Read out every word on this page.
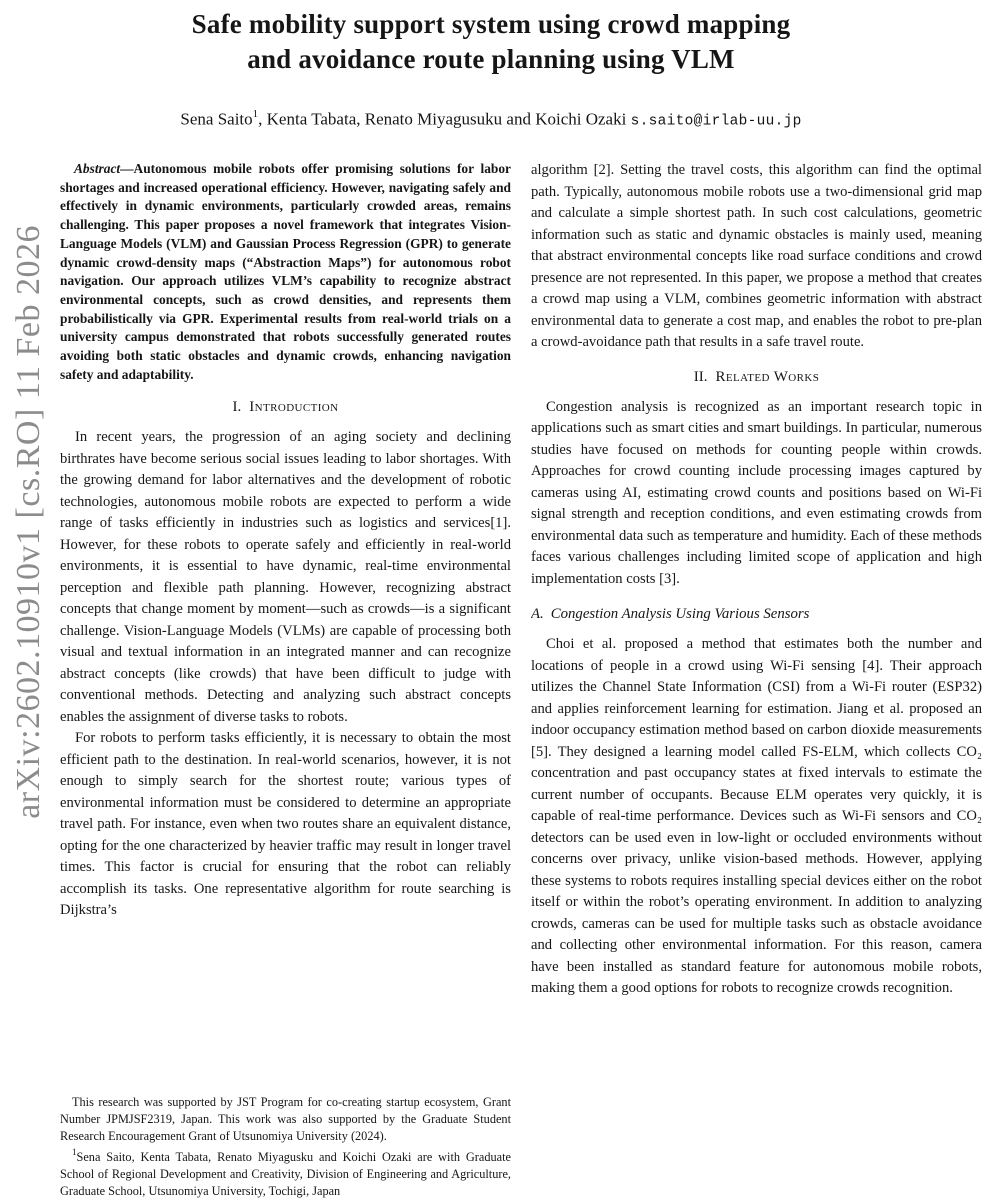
arXiv:2602.10910v1 [cs.RO] 11 Feb 2026
Safe mobility support system using crowd mapping
and avoidance route planning using VLM
Sena Saito$^1$, Kenta Tabata, Renato Miyagusuku and Koichi Ozaki s.saito@irlab-uu.jp

Abstract—Autonomous mobile robots offer promising solutions for labor shortages and increased operational efficiency. However, navigating safely and effectively in dynamic environments, particularly crowded areas, remains challenging. This paper proposes a novel framework that integrates Vision-Language Models (VLM) and Gaussian Process Regression (GPR) to generate dynamic crowd-density maps (“Abstraction Maps”) for autonomous robot navigation. Our approach utilizes VLM’s capability to recognize abstract environmental concepts, such as crowd densities, and represents them probabilistically via GPR. Experimental results from real-world trials on a university campus demonstrated that robots successfully generated routes avoiding both static obstacles and dynamic crowds, enhancing navigation safety and adaptability.

I. Introduction

In recent years, the progression of an aging society and declining birthrates have become serious social issues leading to labor shortages. With the growing demand for labor alternatives and the development of robotic technologies, autonomous mobile robots are expected to perform a wide range of tasks efficiently in industries such as logistics and services[1]. However, for these robots to operate safely and efficiently in real-world environments, it is essential to have dynamic, real-time environmental perception and flexible path planning. However, recognizing abstract concepts that change moment by moment—such as crowds—is a significant challenge. Vision-Language Models (VLMs) are capable of processing both visual and textual information in an integrated manner and can recognize abstract concepts (like crowds) that have been difficult to judge with conventional methods. Detecting and analyzing such abstract concepts enables the assignment of diverse tasks to robots.

For robots to perform tasks efficiently, it is necessary to obtain the most efficient path to the destination. In real-world scenarios, however, it is not enough to simply search for the shortest route; various types of environmental information must be considered to determine an appropriate travel path. For instance, even when two routes share an equivalent distance, opting for the one characterized by heavier traffic may result in longer travel times. This factor is crucial for ensuring that the robot can reliably accomplish its tasks. One representative algorithm for route searching is Dijkstra’s

This research was supported by JST Program for co-creating startup ecosystem, Grant Number JPMJSF2319, Japan. This work was also supported by the Graduate Student Research Encouragement Grant of Utsunomiya University (2024).

$^1$Sena Saito, Kenta Tabata, Renato Miyagusku and Koichi Ozaki are with Graduate School of Regional Development and Creativity, Division of Engineering and Agriculture, Graduate School, Utsunomiya University, Tochigi, Japan

algorithm [2]. Setting the travel costs, this algorithm can find the optimal path. Typically, autonomous mobile robots use a two-dimensional grid map and calculate a simple shortest path. In such cost calculations, geometric information such as static and dynamic obstacles is mainly used, meaning that abstract environmental concepts like road surface conditions and crowd presence are not represented. In this paper, we propose a method that creates a crowd map using a VLM, combines geometric information with abstract environmental data to generate a cost map, and enables the robot to pre-plan a crowd-avoidance path that results in a safe travel route.

II. Related Works

Congestion analysis is recognized as an important research topic in applications such as smart cities and smart buildings. In particular, numerous studies have focused on methods for counting people within crowds. Approaches for crowd counting include processing images captured by cameras using AI, estimating crowd counts and positions based on Wi-Fi signal strength and reception conditions, and even estimating crowds from environmental data such as temperature and humidity. Each of these methods faces various challenges including limited scope of application and high implementation costs [3].

A. Congestion Analysis Using Various Sensors

Choi et al. proposed a method that estimates both the number and locations of people in a crowd using Wi-Fi sensing [4]. Their approach utilizes the Channel State Information (CSI) from a Wi-Fi router (ESP32) and applies reinforcement learning for estimation. Jiang et al. proposed an indoor occupancy estimation method based on carbon dioxide measurements [5]. They designed a learning model called FS-ELM, which collects CO₂ concentration and past occupancy states at fixed intervals to estimate the current number of occupants. Because ELM operates very quickly, it is capable of real-time performance. Devices such as Wi-Fi sensors and CO₂ detectors can be used even in low-light or occluded environments without concerns over privacy, unlike vision-based methods. However, applying these systems to robots requires installing special devices either on the robot itself or within the robot’s operating environment. In addition to analyzing crowds, cameras can be used for multiple tasks such as obstacle avoidance and collecting other environmental information. For this reason, camera have been installed as standard feature for autonomous mobile robots, making them a good options for robots to recognize crowds recognition.
